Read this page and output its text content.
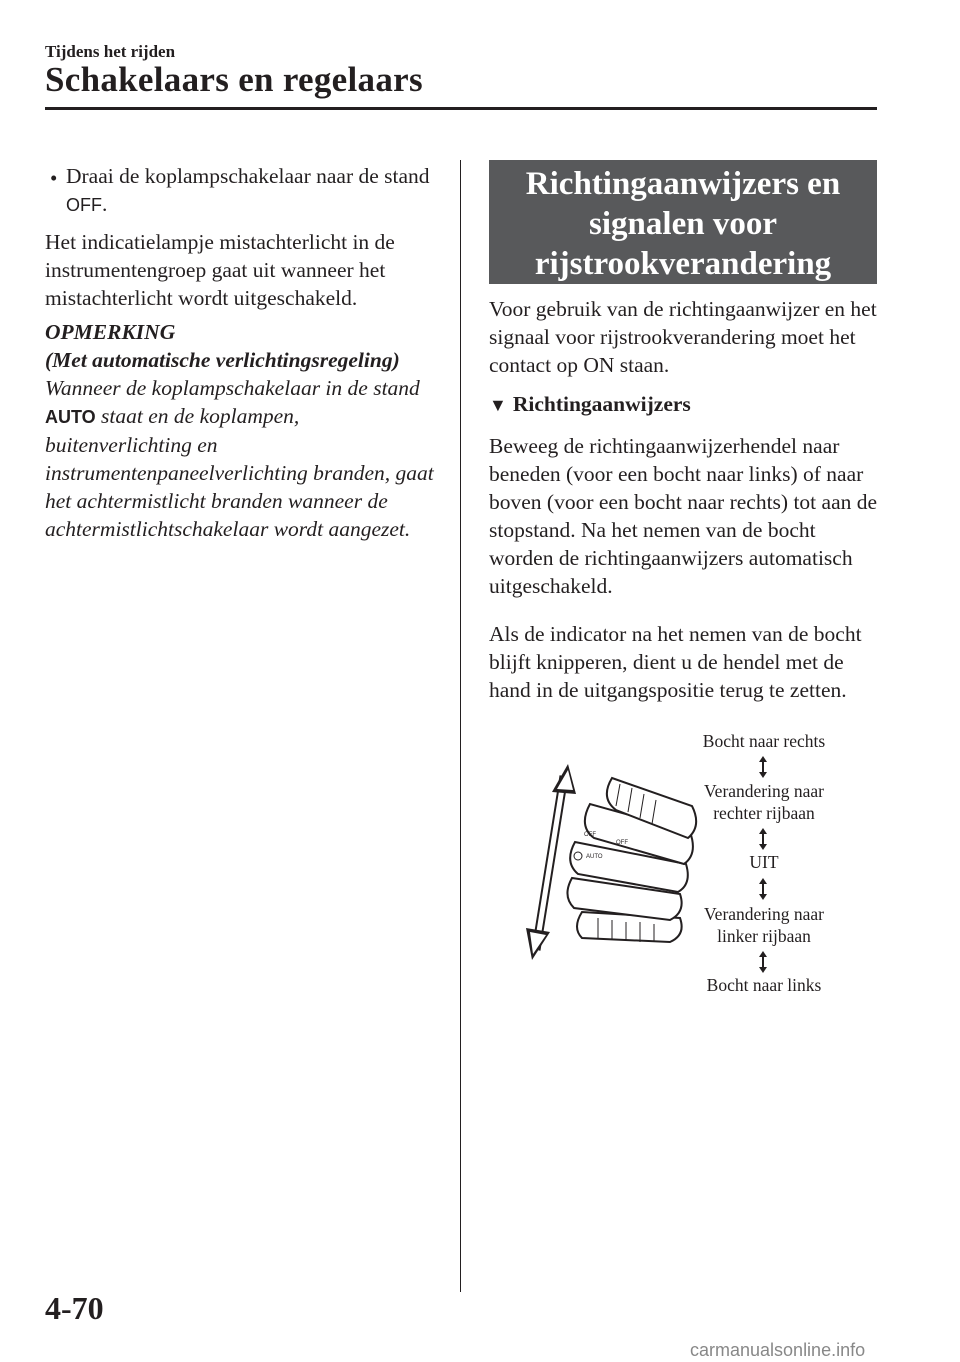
Tijdens het rijden
Schakelaars en regelaars
• Draai de koplampschakelaar naar de stand OFF.
Het indicatielampje mistachterlicht in de instrumentengroep gaat uit wanneer het mistachterlicht wordt uitgeschakeld.
OPMERKING
(Met automatische verlichtingsregeling)
Wanneer de koplampschakelaar in de stand AUTO staat en de koplampen, buitenverlichting en instrumentenpaneelverlichting branden, gaat het achtermistlicht branden wanneer de achtermistlichtschakelaar wordt aangezet.
Richtingaanwijzers en signalen voor rijstrookverandering
Voor gebruik van de richtingaanwijzer en het signaal voor rijstrookverandering moet het contact op ON staan.
▼ Richtingaanwijzers
Beweeg de richtingaanwijzerhendel naar beneden (voor een bocht naar links) of naar boven (voor een bocht naar rechts) tot aan de stopstand. Na het nemen van de bocht worden de richtingaanwijzers automatisch uitgeschakeld.
Als de indicator na het nemen van de bocht blijft knipperen, dient u de hendel met de hand in de uitgangspositie terug te zetten.
OFF
OFF
AUTO
Bocht naar rechts
Verandering naar
rechter rijbaan
UIT
Verandering naar
linker rijbaan
Bocht naar links
4-70
carmanualsonline.info
